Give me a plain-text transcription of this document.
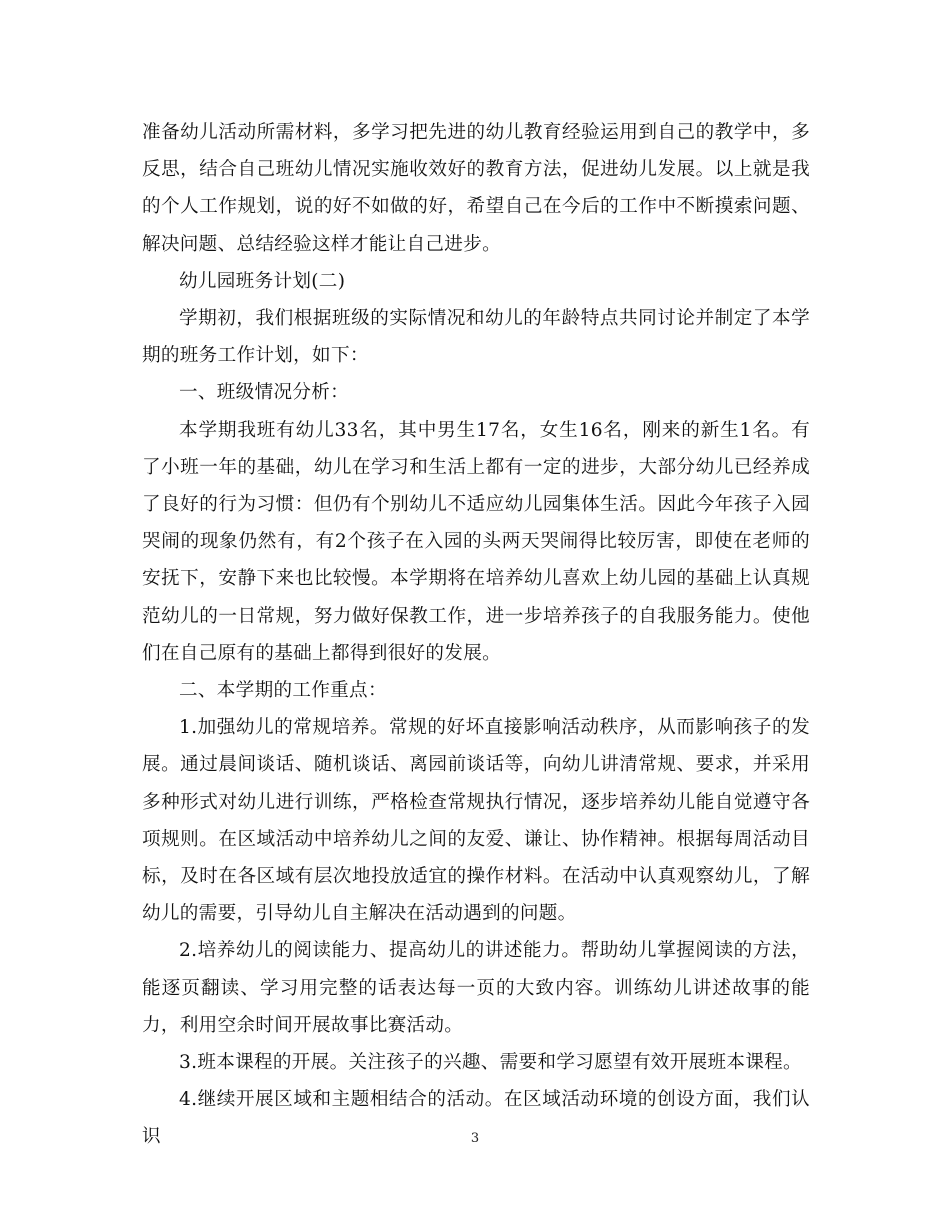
准备幼儿活动所需材料，多学习把先进的幼儿教育经验运用到自己的教学中，多反思，结合自己班幼儿情况实施收效好的教育方法，促进幼儿发展。以上就是我的个人工作规划，说的好不如做的好，希望自己在今后的工作中不断摸索问题、解决问题、总结经验这样才能让自己进步。

幼儿园班务计划(二)

学期初，我们根据班级的实际情况和幼儿的年龄特点共同讨论并制定了本学期的班务工作计划，如下：

一、班级情况分析：

本学期我班有幼儿33名，其中男生17名，女生16名，刚来的新生1名。有了小班一年的基础，幼儿在学习和生活上都有一定的进步，大部分幼儿已经养成了良好的行为习惯：但仍有个别幼儿不适应幼儿园集体生活。因此今年孩子入园哭闹的现象仍然有，有2个孩子在入园的头两天哭闹得比较厉害，即使在老师的安抚下，安静下来也比较慢。本学期将在培养幼儿喜欢上幼儿园的基础上认真规范幼儿的一日常规，努力做好保教工作，进一步培养孩子的自我服务能力。使他们在自己原有的基础上都得到很好的发展。

二、本学期的工作重点：

1.加强幼儿的常规培养。常规的好坏直接影响活动秩序，从而影响孩子的发展。通过晨间谈话、随机谈话、离园前谈话等，向幼儿讲清常规、要求，并采用多种形式对幼儿进行训练，严格检查常规执行情况，逐步培养幼儿能自觉遵守各项规则。在区域活动中培养幼儿之间的友爱、谦让、协作精神。根据每周活动目标，及时在各区域有层次地投放适宜的操作材料。在活动中认真观察幼儿，了解幼儿的需要，引导幼儿自主解决在活动遇到的问题。

2.培养幼儿的阅读能力、提高幼儿的讲述能力。帮助幼儿掌握阅读的方法，能逐页翻读、学习用完整的话表达每一页的大致内容。训练幼儿讲述故事的能力，利用空余时间开展故事比赛活动。

3.班本课程的开展。关注孩子的兴趣、需要和学习愿望有效开展班本课程。

4.继续开展区域和主题相结合的活动。在区域活动环境的创设方面，我们认识	3
